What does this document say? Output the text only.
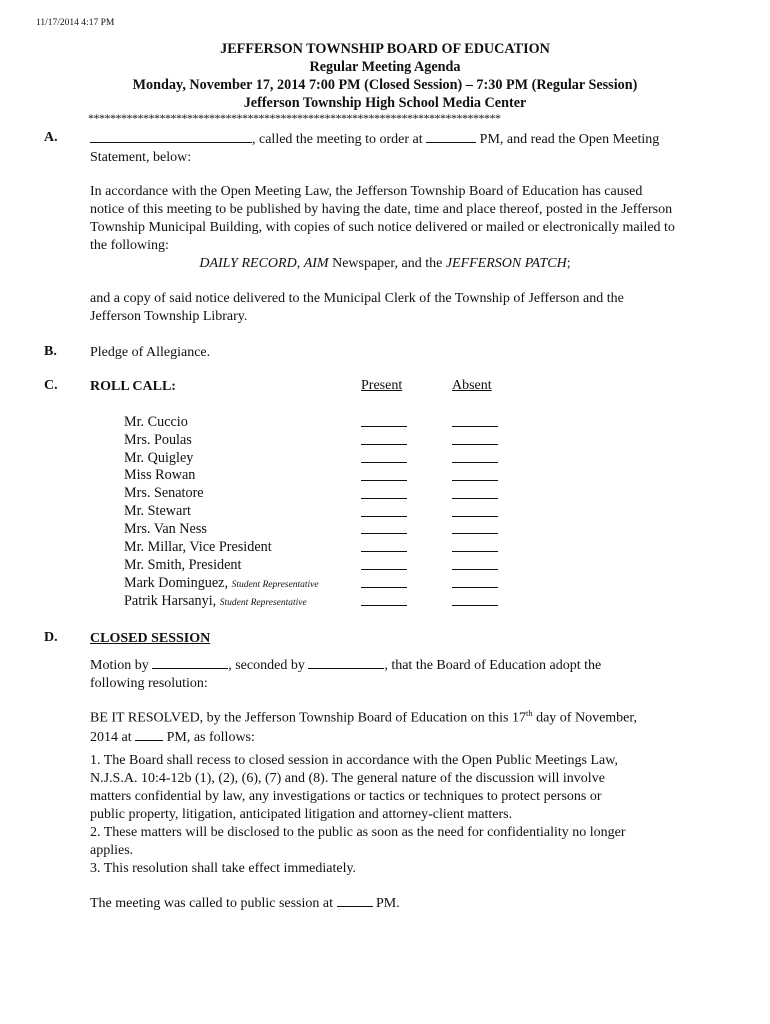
11/17/2014 4:17 PM
JEFFERSON TOWNSHIP BOARD OF EDUCATION
Regular Meeting Agenda
Monday, November 17, 2014 7:00 PM (Closed Session) – 7:30 PM (Regular Session)
Jefferson Township High School Media Center
***************************************************************************
A.	, called the meeting to order at	PM, and read the Open Meeting
Statement, below:
In accordance with the Open Meeting Law, the Jefferson Township Board of Education has caused
notice of this meeting to be published by having the date, time and place thereof, posted in the Jefferson
Township Municipal Building, with copies of such notice delivered or mailed or electronically mailed to
the following:
DAILY RECORD, AIM Newspaper, and the JEFFERSON PATCH;
and a copy of said notice delivered to the Municipal Clerk of the Township of Jefferson and the
Jefferson Township Library.
B. Pledge of Allegiance.
C. ROLL CALL:	Present	Absent
Mr. Cuccio
Mrs. Poulas
Mr. Quigley
Miss Rowan
Mrs. Senatore
Mr. Stewart
Mrs. Van Ness
Mr. Millar, Vice President
Mr. Smith, President
Mark Dominguez, Student Representative
Patrik Harsanyi, Student Representative
D. CLOSED SESSION
Motion by	, seconded by	, that the Board of Education adopt the
following resolution:
BE IT RESOLVED, by the Jefferson Township Board of Education on this 17th day of November,
2014 at	PM, as follows:
1. The Board shall recess to closed session in accordance with the Open Public Meetings Law,
N.J.S.A. 10:4-12b (1), (2), (6), (7) and (8). The general nature of the discussion will involve
matters confidential by law, any investigations or tactics or techniques to protect persons or
public property, litigation, anticipated litigation and attorney-client matters.
2. These matters will be disclosed to the public as soon as the need for confidentiality no longer
applies.
3. This resolution shall take effect immediately.
The meeting was called to public session at	PM.
